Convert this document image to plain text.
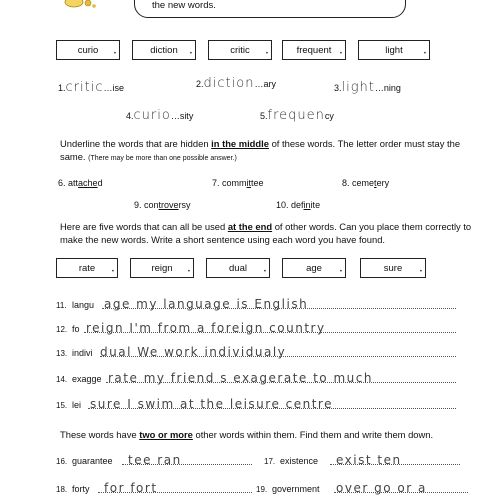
the new words.
curio	•	diction •	critic	•	frequent •	light	•
1.critic…ise	2.diction…ary	3.light…ning
4.curio…sity	5.frequency
Underline the words that are hidden in the middle of these words. The letter order must stay the same. (There may be more than one possible answer.)
6. attached	7. committee	8. cemetery
9. controversy	10. definite
Here are five words that can all be used at the end of other words. Can you place them correctly to make the new words. Write a short sentence using each word you have found.
rate	•	reign	•	dual	•	age	•	sure	•
11. langu age my language is English
12. fo reign I'm from a foreign country
13. indivi dual We work individualy
14. exagge rate my friend s exagerate to much
15. lei sure I swim at the leisure centre
These words have two or more other words within them. Find them and write them down.
16. guarantee tee ran	17. existence exist ten
18. forty for fort	19. government over go or a
